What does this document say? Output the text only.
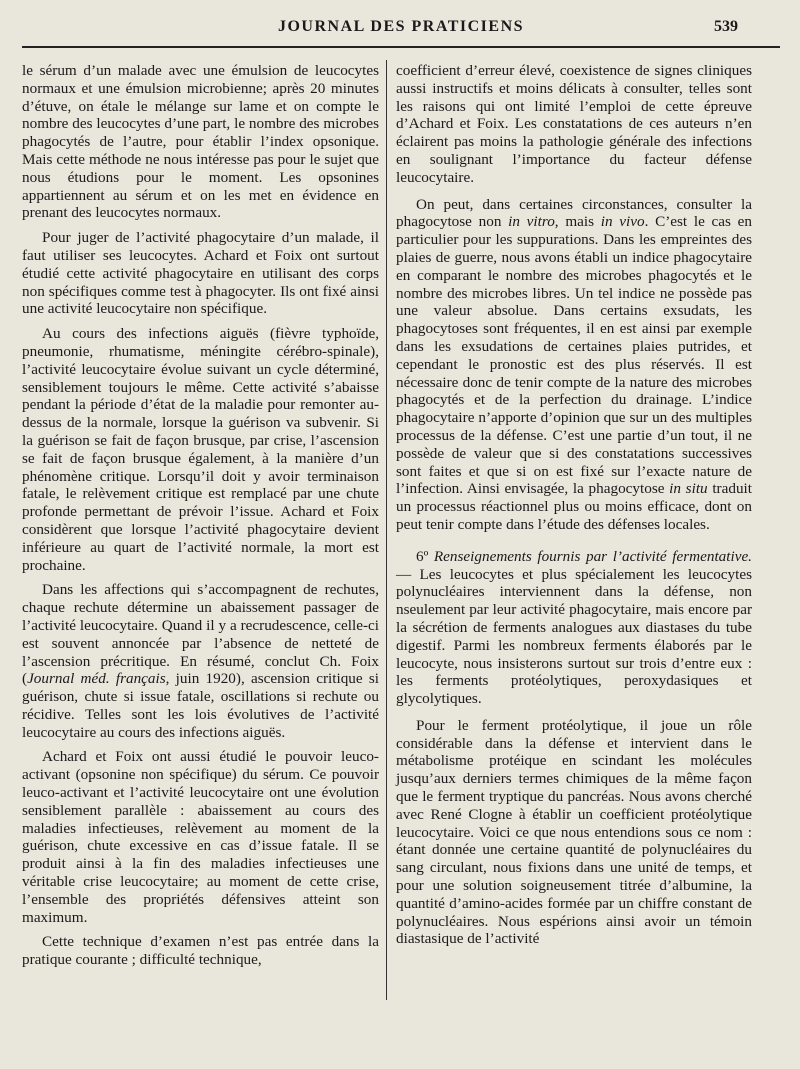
JOURNAL DES PRATICIENS	539

le sérum d’un malade avec une émulsion de leucocytes normaux et une émulsion microbienne; après 20 minutes d’étuve, on étale le mélange sur lame et on compte le nombre des leucocytes d’une part, le nombre des microbes phagocytés de l’autre, pour établir l’index opsonique. Mais cette méthode ne nous intéresse pas pour le sujet que nous étudions pour le moment. Les opsonines appartiennent au sérum et on les met en évidence en prenant des leucocytes normaux.

Pour juger de l’activité phagocytaire d’un malade, il faut utiliser ses leucocytes. Achard et Foix ont surtout étudié cette activité phagocytaire en utilisant des corps non spécifiques comme test à phagocyter. Ils ont fixé ainsi une activité leucocytaire non spécifique.

Au cours des infections aiguës (fièvre typhoïde, pneumonie, rhumatisme, méningite cérébro-spinale), l’activité leucocytaire évolue suivant un cycle déterminé, sensiblement toujours le même. Cette activité s’abaisse pendant la période d’état de la maladie pour remonter au-dessus de la normale, lorsque la guérison va subvenir. Si la guérison se fait de façon brusque, par crise, l’ascension se fait de façon brusque également, à la manière d’un phénomène critique. Lorsqu’il doit y avoir terminaison fatale, le relèvement critique est remplacé par une chute profonde permettant de prévoir l’issue. Achard et Foix considèrent que lorsque l’activité phagocytaire devient inférieure au quart de l’activité normale, la mort est prochaine.

Dans les affections qui s’accompagnent de rechutes, chaque rechute détermine un abaissement passager de l’activité leucocytaire. Quand il y a recrudescence, celle-ci est souvent annoncée par l’absence de netteté de l’ascension précritique. En résumé, conclut Ch. Foix (Journal méd. français, juin 1920), ascension critique si guérison, chute si issue fatale, oscillations si rechute ou récidive. Telles sont les lois évolutives de l’activité leucocytaire au cours des infections aiguës.

Achard et Foix ont aussi étudié le pouvoir leuco-activant (opsonine non spécifique) du sérum. Ce pouvoir leuco-activant et l’activité leucocytaire ont une évolution sensiblement parallèle : abaissement au cours des maladies infectieuses, relèvement au moment de la guérison, chute excessive en cas d’issue fatale. Il se produit ainsi à la fin des maladies infectieuses une véritable crise leucocytaire; au moment de cette crise, l’ensemble des propriétés défensives atteint son maximum.

Cette technique d’examen n’est pas entrée dans la pratique courante ; difficulté technique,

coefficient d’erreur élevé, coexistence de signes cliniques aussi instructifs et moins délicats à consulter, telles sont les raisons qui ont limité l’emploi de cette épreuve d’Achard et Foix. Les constatations de ces auteurs n’en éclairent pas moins la pathologie générale des infections en soulignant l’importance du facteur défense leucocytaire.

On peut, dans certaines circonstances, consulter la phagocytose non in vitro, mais in vivo. C’est le cas en particulier pour les suppurations. Dans les empreintes des plaies de guerre, nous avons établi un indice phagocytaire en comparant le nombre des microbes phagocytés et le nombre des microbes libres. Un tel indice ne possède pas une valeur absolue. Dans certains exsudats, les phagocytoses sont fréquentes, il en est ainsi par exemple dans les exsudations de certaines plaies putrides, et cependant le pronostic est des plus réservés. Il est nécessaire donc de tenir compte de la nature des microbes phagocytés et de la perfection du drainage. L’indice phagocytaire n’apporte d’opinion que sur un des multiples processus de la défense. C’est une partie d’un tout, il ne possède de valeur que si des constatations successives sont faites et que si on est fixé sur l’exacte nature de l’infection. Ainsi envisagée, la phagocytose in situ traduit un processus réactionnel plus ou moins efficace, dont on peut tenir compte dans l’étude des défenses locales.

6º Renseignements fournis par l’activité fermentative. — Les leucocytes et plus spécialement les leucocytes polynucléaires interviennent dans la défense, non nseulement par leur activité phagocytaire, mais encore par la sécrétion de ferments analogues aux diastases du tube digestif. Parmi les nombreux ferments élaborés par le leucocyte, nous insisterons surtout sur trois d’entre eux : les ferments protéolytiques, peroxydasiques et glycolytiques.

Pour le ferment protéolytique, il joue un rôle considérable dans la défense et intervient dans le métabolisme protéique en scindant les molécules jusqu’aux derniers termes chimiques de la même façon que le ferment tryptique du pancréas. Nous avons cherché avec René Clogne à établir un coefficient protéolytique leucocytaire. Voici ce que nous entendions sous ce nom : étant donnée une certaine quantité de polynucléaires du sang circulant, nous fixions dans une unité de temps, et pour une solution soigneusement titrée d’albumine, la quantité d’amino-acides formée par un chiffre constant de polynucléaires. Nous espérions ainsi avoir un témoin diastasique de l’activité
